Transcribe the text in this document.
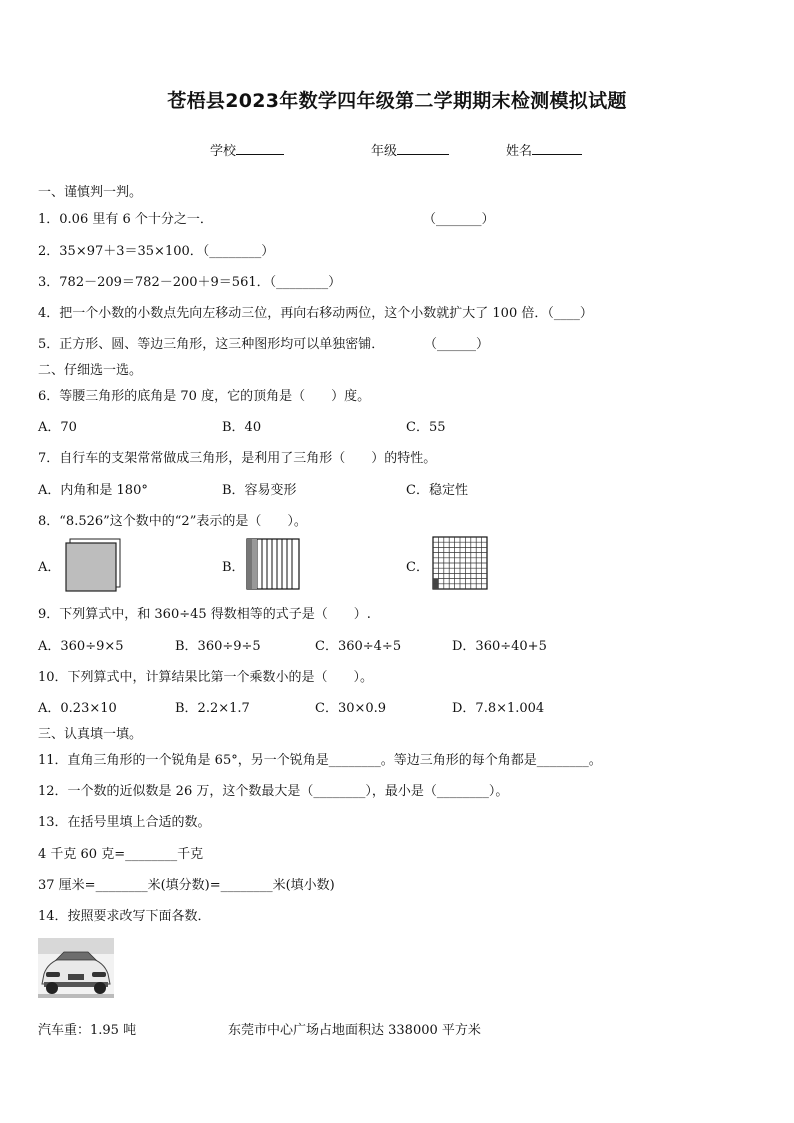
苍梧县2023年数学四年级第二学期期末检测模拟试题
学校	年级	姓名
一、谨慎判一判。
1．0.06 里有 6 个十分之一．	（_______）
2．35×97＋3＝35×100．（________）
3．782－209＝782－200＋9＝561．（________）
4．把一个小数的小数点先向左移动三位，再向右移动两位，这个小数就扩大了 100 倍．（____）
5．正方形、圆、等边三角形，这三种图形均可以单独密铺．	（______）
二、仔细选一选。
6．等腰三角形的底角是 70 度，它的顶角是（　　）度。
A．70	B．40	C．55
7．自行车的支架常常做成三角形，是利用了三角形（　　）的特性。
A．内角和是 180°	B．容易变形	C．稳定性
8．“8.526”这个数中的“2”表示的是（　　）。
A．	B．	C．
9．下列算式中，和 360÷45 得数相等的式子是（　　）.
A．360÷9×5	B．360÷9÷5	C．360÷4÷5	D．360÷40+5
10．下列算式中，计算结果比第一个乘数小的是（　　）。
A．0.23×10	B．2.2×1.7	C．30×0.9	D．7.8×1.004
三、认真填一填。
11．直角三角形的一个锐角是 65°，另一个锐角是________。等边三角形的每个角都是________。
12．一个数的近似数是 26 万，这个数最大是（________），最小是（________）。
13．在括号里填上合适的数。
4 千克 60 克=________千克
37 厘米=________米(填分数)=________米(填小数)
14．按照要求改写下面各数．
汽车重：1.95 吨	东莞市中心广场占地面积达 338000 平方米
